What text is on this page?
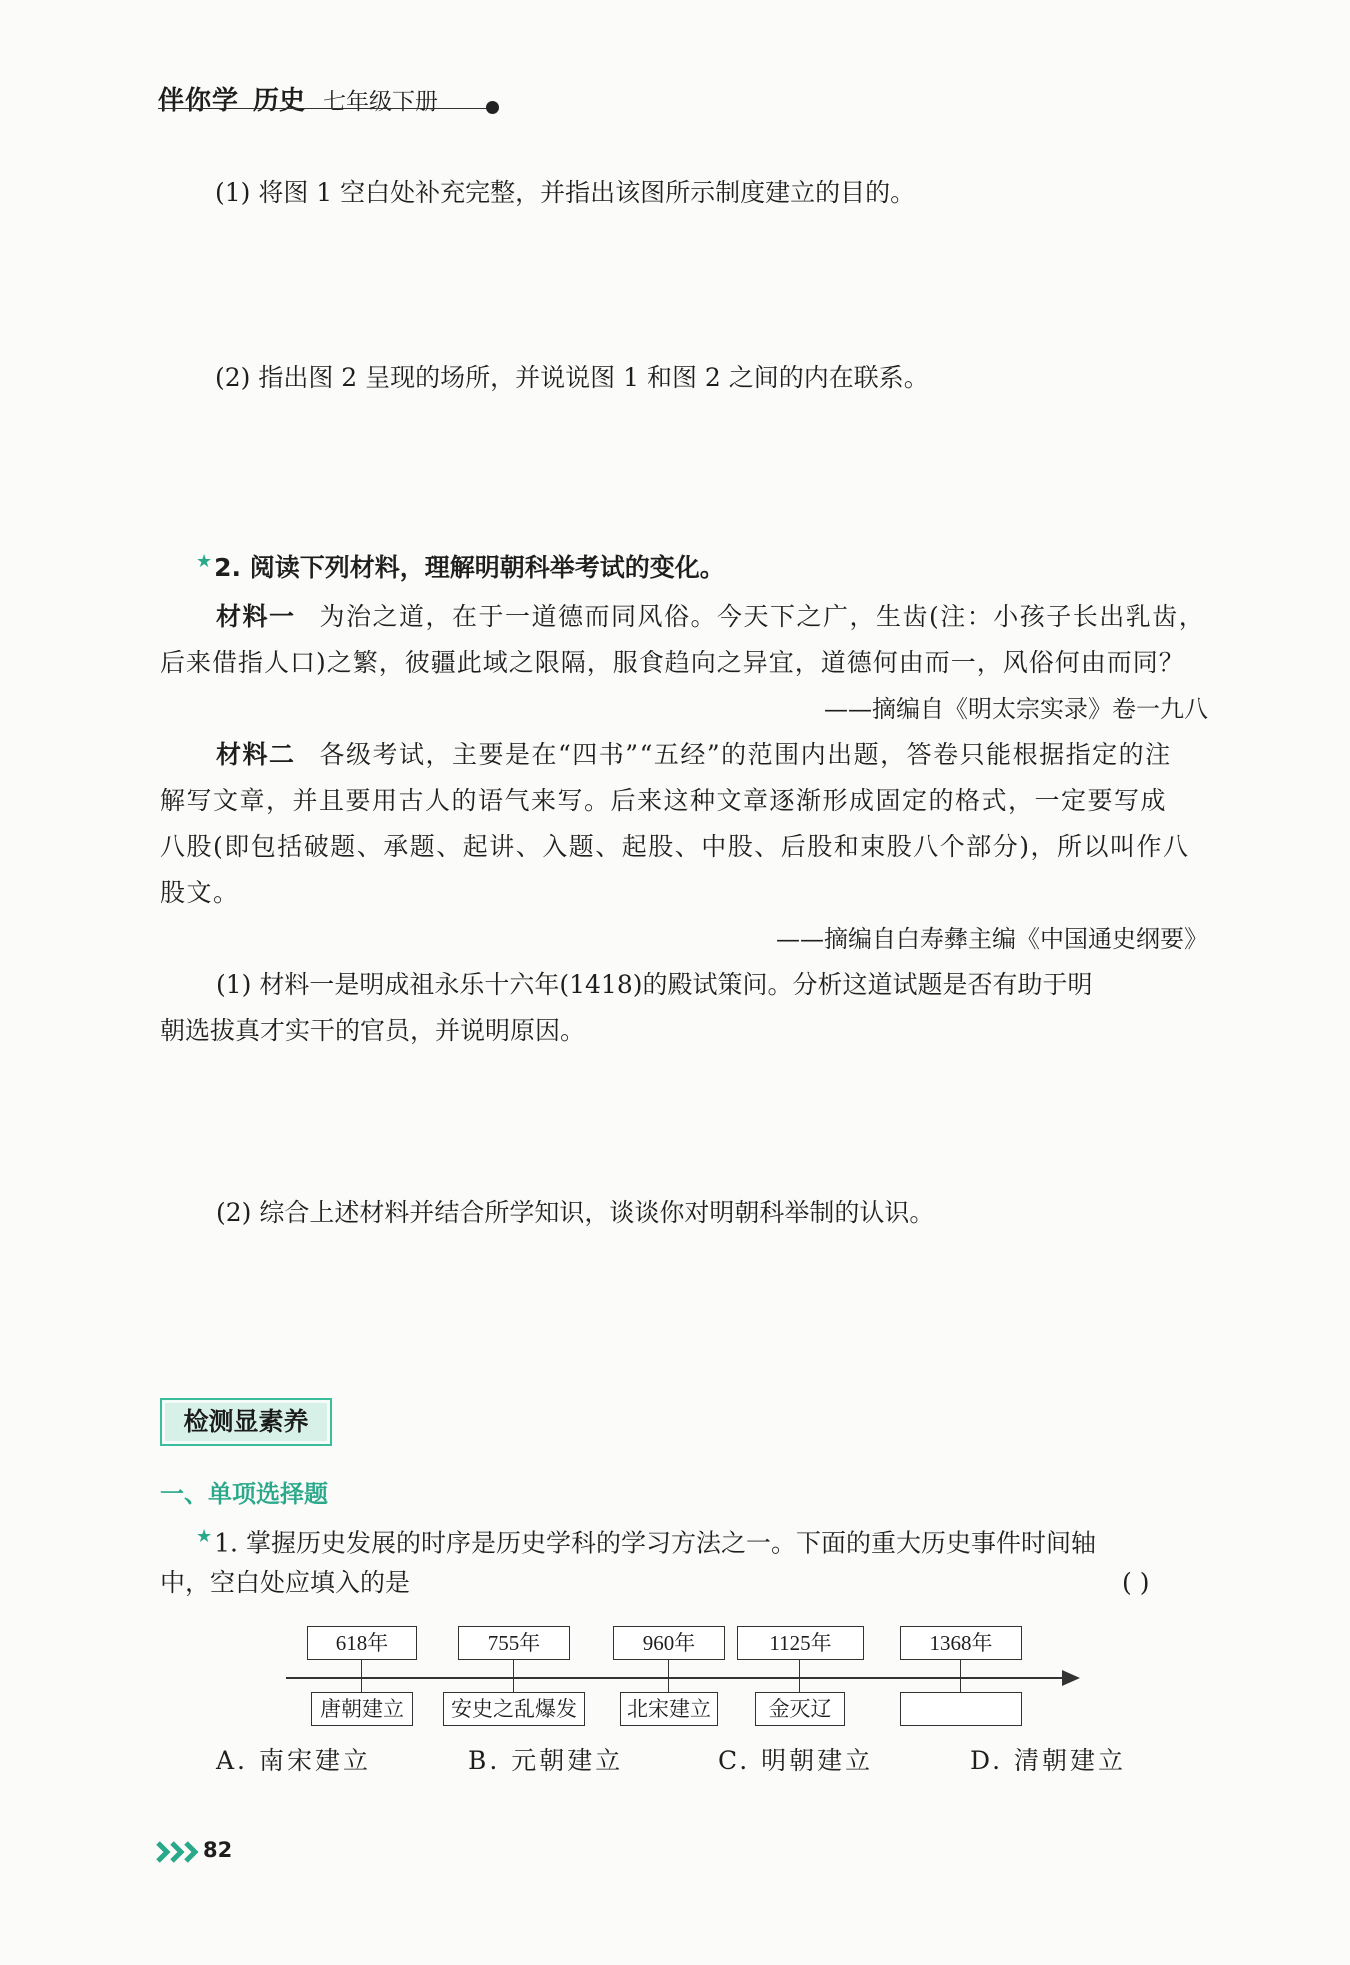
伴你学 历史 七年级下册
(1) 将图 1 空白处补充完整，并指出该图所示制度建立的目的。
(2) 指出图 2 呈现的场所，并说说图 1 和图 2 之间的内在联系。
★2. 阅读下列材料，理解明朝科举考试的变化。
材料一 为治之道，在于一道德而同风俗。今天下之广，生齿(注：小孩子长出乳齿，
后来借指人口)之繁，彼疆此域之限隔，服食趋向之异宜，道德何由而一，风俗何由而同？
——摘编自《明太宗实录》卷一九八
材料二 各级考试，主要是在“四书”“五经”的范围内出题，答卷只能根据指定的注
解写文章，并且要用古人的语气来写。后来这种文章逐渐形成固定的格式，一定要写成
八股(即包括破题、承题、起讲、入题、起股、中股、后股和束股八个部分)，所以叫作八
股文。
——摘编自白寿彝主编《中国通史纲要》
(1) 材料一是明成祖永乐十六年(1418)的殿试策问。分析这道试题是否有助于明
朝选拔真才实干的官员，并说明原因。
(2) 综合上述材料并结合所学知识，谈谈你对明朝科举制的认识。
检测显素养
一、单项选择题
★1. 掌握历史发展的时序是历史学科的学习方法之一。下面的重大历史事件时间轴
中，空白处应填入的是	( )
618年	755年	960年	1125年	1368年
唐朝建立	安史之乱爆发	北宋建立	金灭辽
A. 南宋建立	B. 元朝建立	C. 明朝建立	D. 清朝建立
82
